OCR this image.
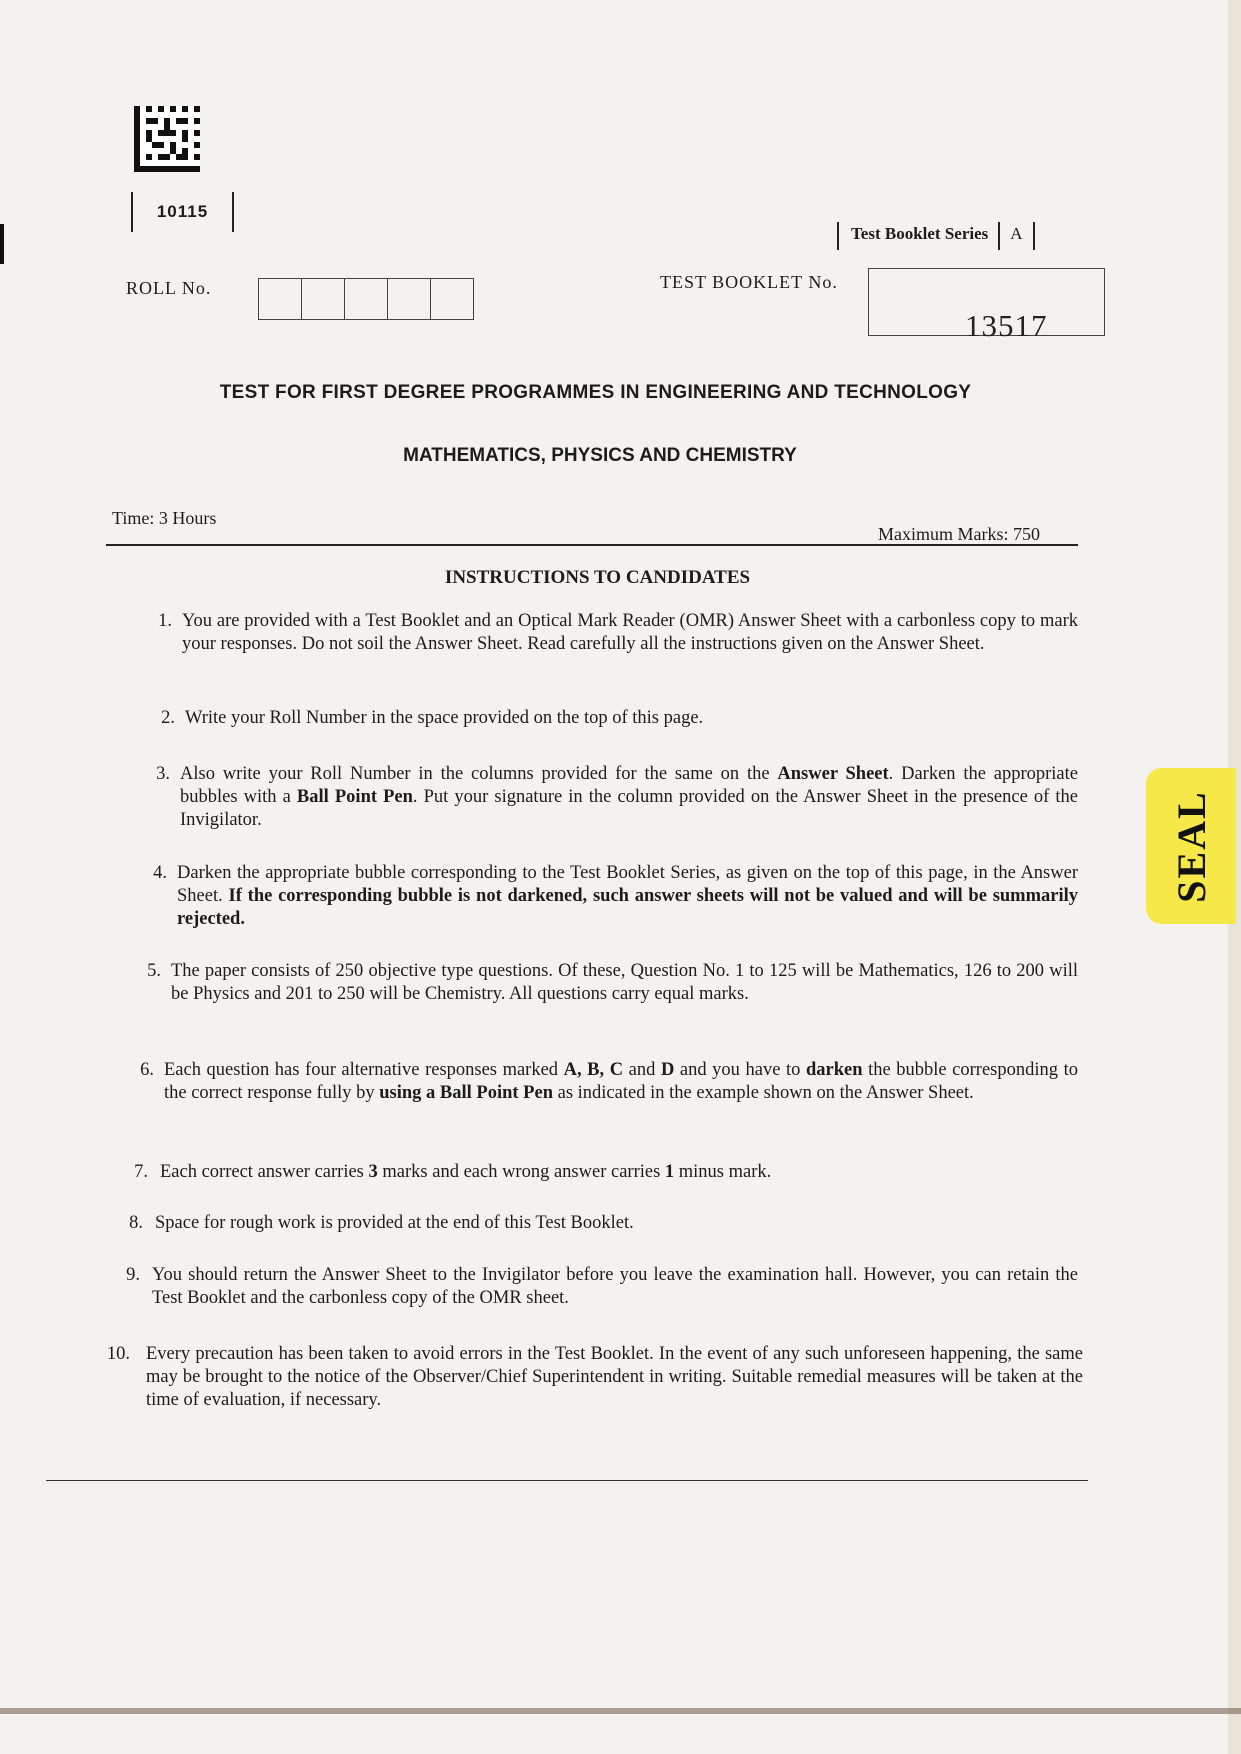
10115
Test Booklet Series	A
ROLL No.	TEST BOOKLET No.
13517
TEST FOR FIRST DEGREE PROGRAMMES IN ENGINEERING AND TECHNOLOGY
MATHEMATICS, PHYSICS AND CHEMISTRY
Time: 3 Hours
Maximum Marks: 750
INSTRUCTIONS TO CANDIDATES
1. You are provided with a Test Booklet and an Optical Mark Reader (OMR) Answer Sheet with a carbonless copy to mark your responses. Do not soil the Answer Sheet. Read carefully all the instructions given on the Answer Sheet.
2. Write your Roll Number in the space provided on the top of this page.
3. Also write your Roll Number in the columns provided for the same on the Answer Sheet. Darken the appropriate bubbles with a Ball Point Pen. Put your signature in the column provided on the Answer Sheet in the presence of the Invigilator.
4. Darken the appropriate bubble corresponding to the Test Booklet Series, as given on the top of this page, in the Answer Sheet. If the corresponding bubble is not darkened, such answer sheets will not be valued and will be summarily rejected.
5. The paper consists of 250 objective type questions. Of these, Question No. 1 to 125 will be Mathematics, 126 to 200 will be Physics and 201 to 250 will be Chemistry. All questions carry equal marks.
6. Each question has four alternative responses marked A, B, C and D and you have to darken the bubble corresponding to the correct response fully by using a Ball Point Pen as indicated in the example shown on the Answer Sheet.
7. Each correct answer carries 3 marks and each wrong answer carries 1 minus mark.
8. Space for rough work is provided at the end of this Test Booklet.
9. You should return the Answer Sheet to the Invigilator before you leave the examination hall. However, you can retain the Test Booklet and the carbonless copy of the OMR sheet.
10. Every precaution has been taken to avoid errors in the Test Booklet. In the event of any such unforeseen happening, the same may be brought to the notice of the Observer/Chief Superintendent in writing. Suitable remedial measures will be taken at the time of evaluation, if necessary.
SEAL
